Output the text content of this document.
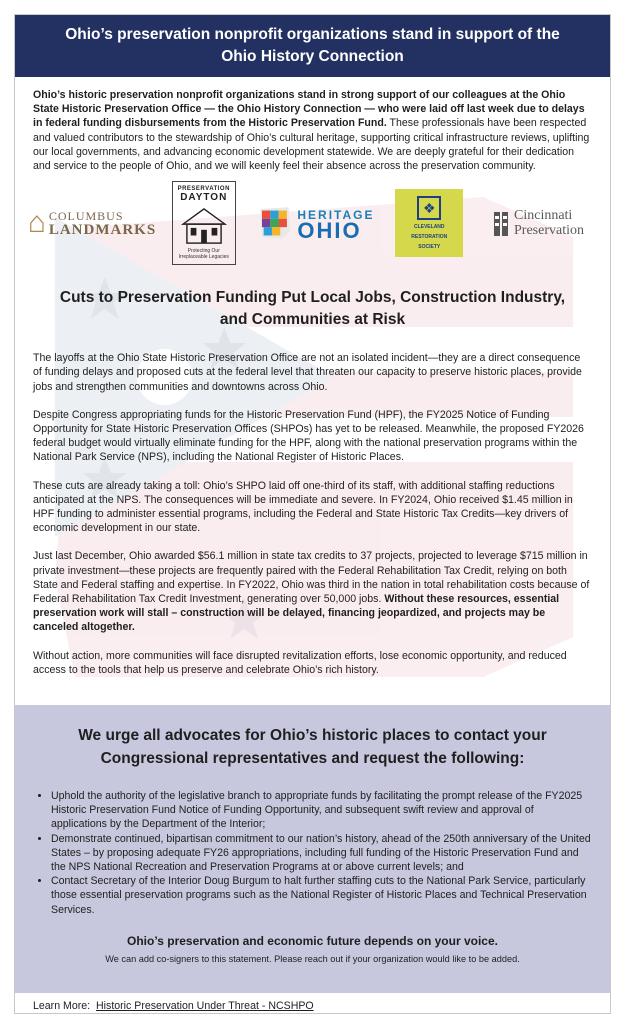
Ohio’s preservation nonprofit organizations stand in support of the Ohio History Connection

Ohio’s historic preservation nonprofit organizations stand in strong support of our colleagues at the Ohio State Historic Preservation Office — the Ohio History Connection — who were laid off last week due to delays in federal funding disbursements from the Historic Preservation Fund. These professionals have been respected and valued contributors to the stewardship of Ohio’s cultural heritage, supporting critical infrastructure reviews, uplifting our local governments, and advancing economic development statewide. We are deeply grateful for their dedication and service to the people of Ohio, and we will keenly feel their absence across the preservation community.

⌂ COLUMBUS
LANDMARKS
PRESERVATION
DAYTON
Protecting Our Irreplaceable Legacies
HERITAGE
OHIO
❖
CLEVELAND
RESTORATION
SOCIETY
Cincinnati
Preservation
Cuts to Preservation Funding Put Local Jobs, Construction Industry, and Communities at Risk

The layoffs at the Ohio State Historic Preservation Office are not an isolated incident—they are a direct consequence of funding delays and proposed cuts at the federal level that threaten our capacity to preserve historic places, provide jobs and strengthen communities and downtowns across Ohio.

Despite Congress appropriating funds for the Historic Preservation Fund (HPF), the FY2025 Notice of Funding Opportunity for State Historic Preservation Offices (SHPOs) has yet to be released. Meanwhile, the proposed FY2026 federal budget would virtually eliminate funding for the HPF, along with the national preservation programs within the National Park Service (NPS), including the National Register of Historic Places.

These cuts are already taking a toll: Ohio’s SHPO laid off one-third of its staff, with additional staffing reductions anticipated at the NPS. The consequences will be immediate and severe. In FY2024, Ohio received $1.45 million in HPF funding to administer essential programs, including the Federal and State Historic Tax Credits—key drivers of economic development in our state.

Just last December, Ohio awarded $56.1 million in state tax credits to 37 projects, projected to leverage $715 million in private investment—these projects are frequently paired with the Federal Rehabilitation Tax Credit, relying on both State and Federal staffing and expertise. In FY2022, Ohio was third in the nation in total rehabilitation costs because of Federal Rehabilitation Tax Credit Investment, generating over 50,000 jobs. Without these resources, essential preservation work will stall – construction will be delayed, financing jeopardized, and projects may be canceled altogether.

Without action, more communities will face disrupted revitalization efforts, lose economic opportunity, and reduced access to the tools that help us preserve and celebrate Ohio’s rich history.

We urge all advocates for Ohio’s historic places to contact your Congressional representatives and request the following:
• Uphold the authority of the legislative branch to appropriate funds by facilitating the prompt release of the FY2025 Historic Preservation Fund Notice of Funding Opportunity, and subsequent swift review and approval of applications by the Department of the Interior;
• Demonstrate continued, bipartisan commitment to our nation’s history, ahead of the 250th anniversary of the United States – by proposing adequate FY26 appropriations, including full funding of the Historic Preservation Fund and the NPS National Recreation and Preservation Programs at or above current levels; and
• Contact Secretary of the Interior Doug Burgum to halt further staffing cuts to the National Park Service, particularly those essential preservation programs such as the National Register of Historic Places and Technical Preservation Services.

Ohio’s preservation and economic future depends on your voice.

We can add co-signers to this statement. Please reach out if your organization would like to be added.

Learn More: Historic Preservation Under Threat - NCSHPO
